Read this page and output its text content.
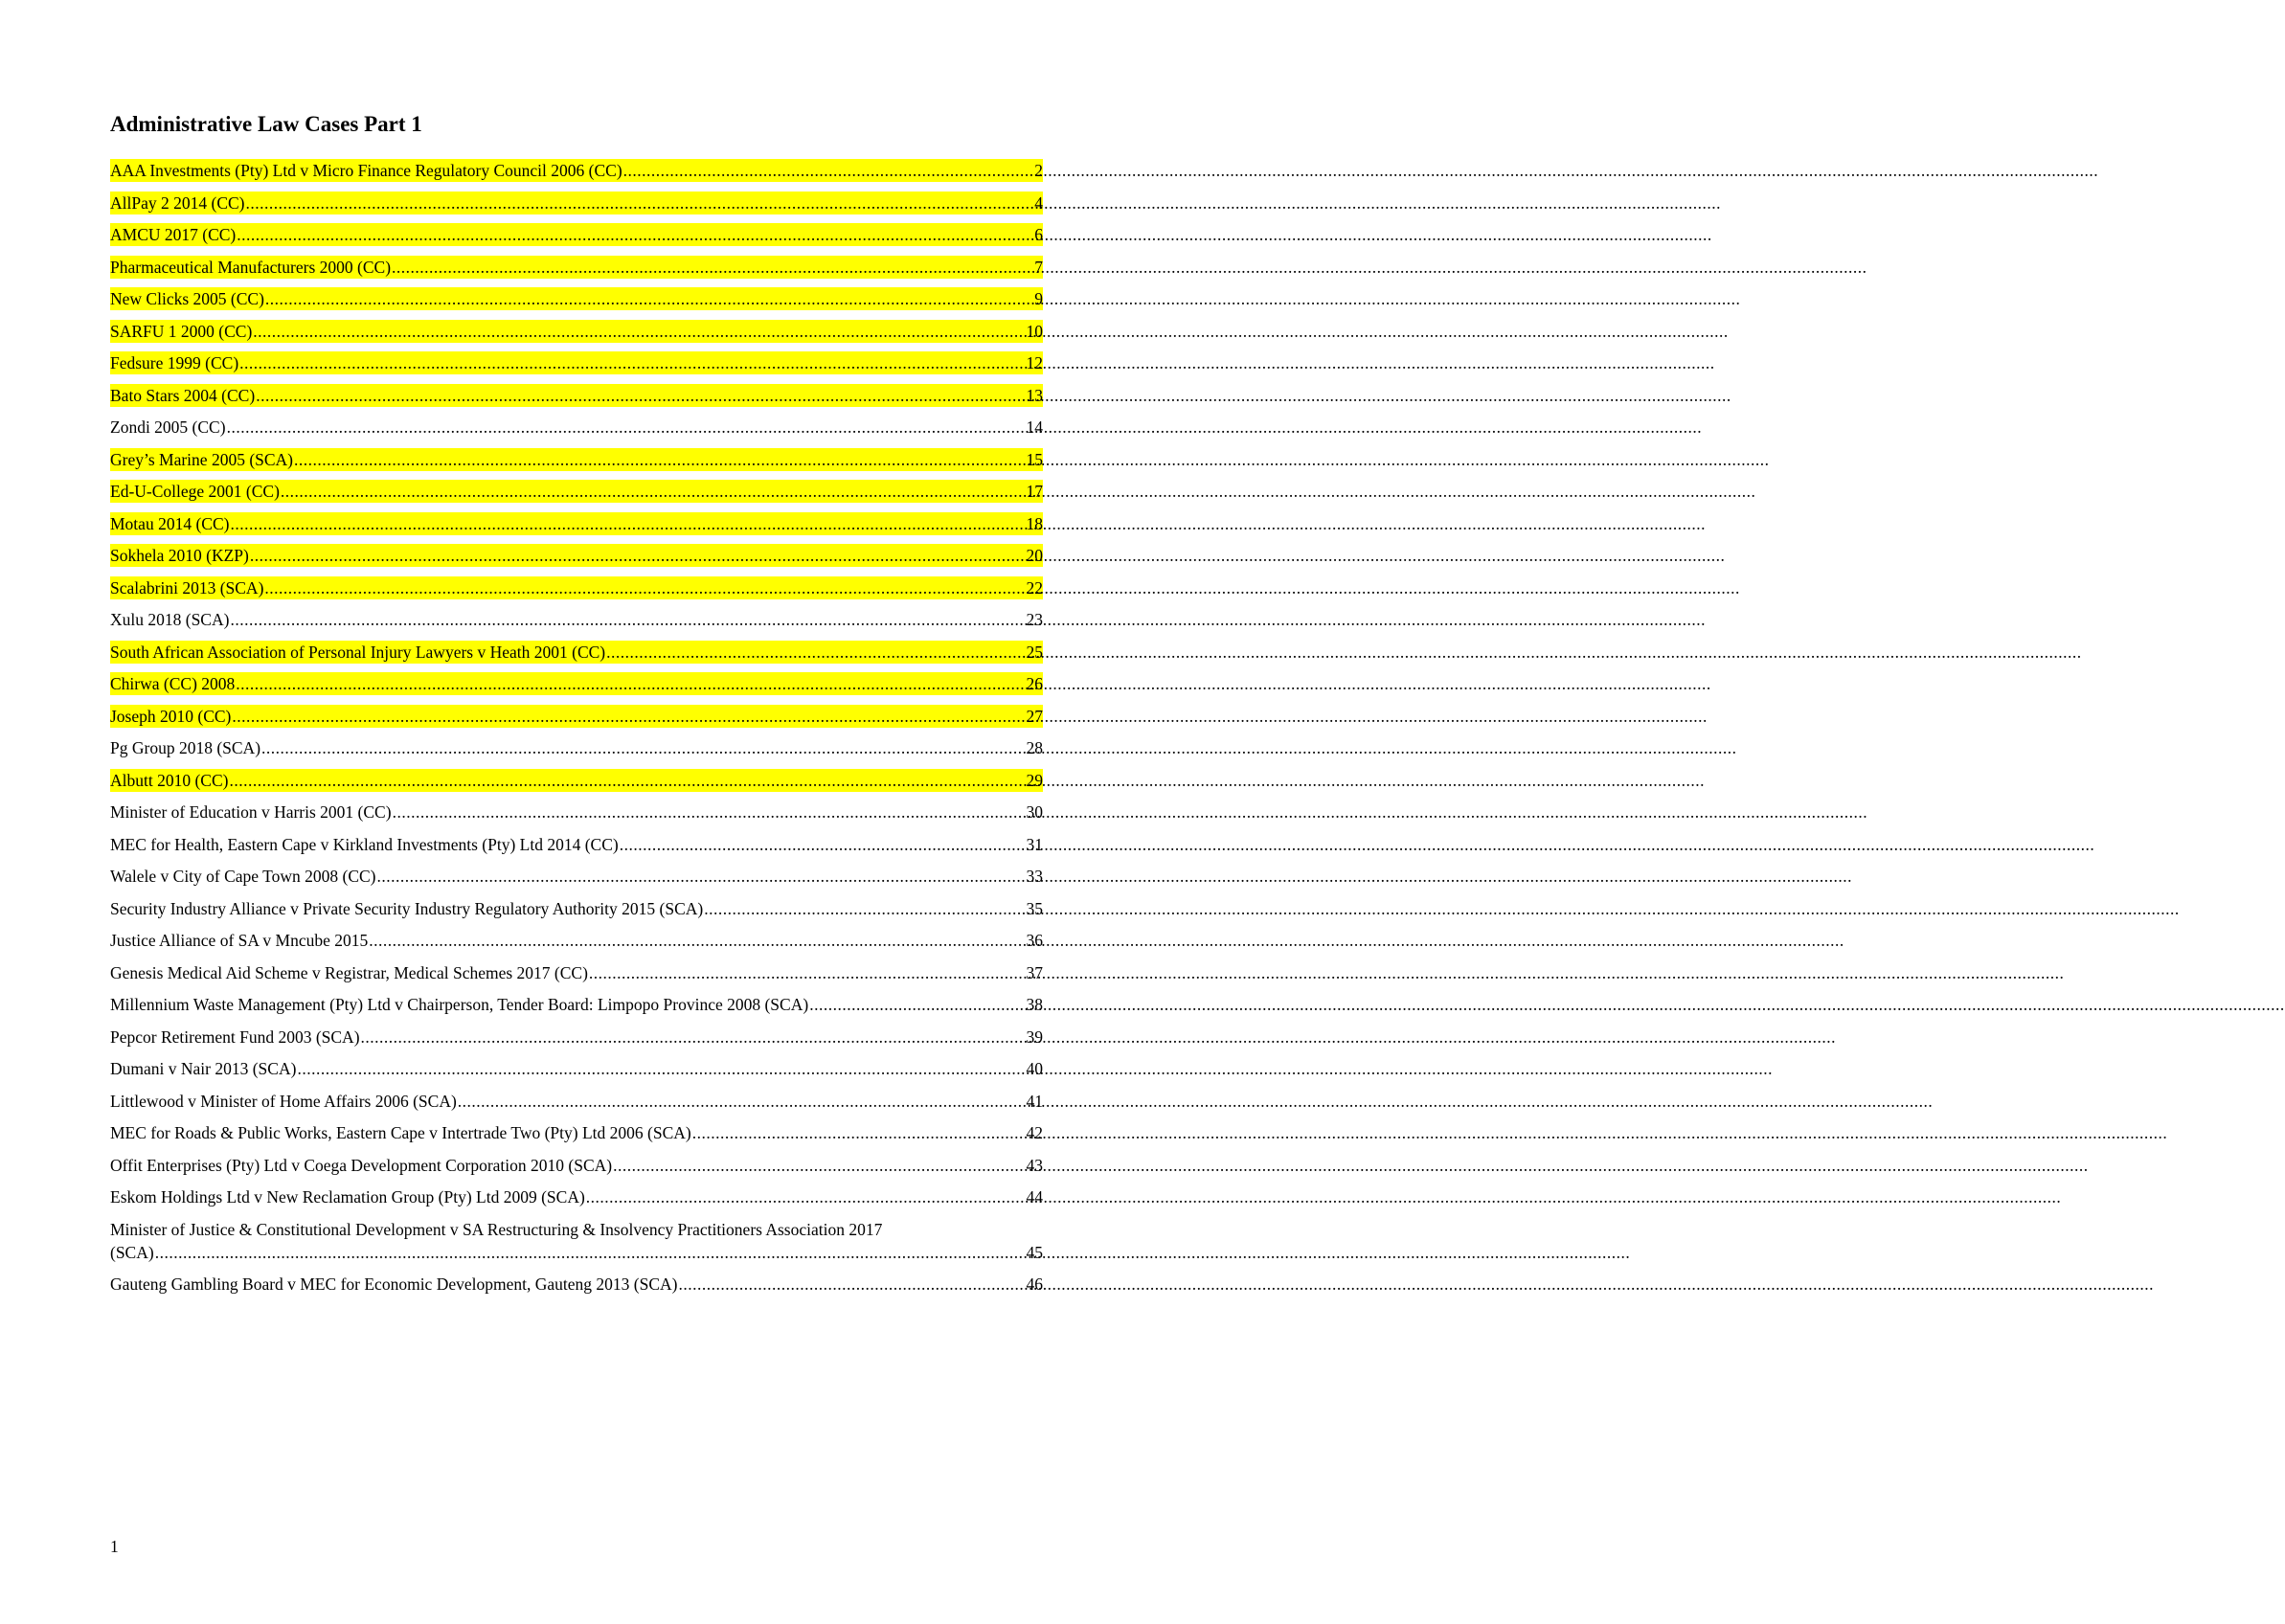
Administrative Law Cases Part 1
AAA Investments (Pty) Ltd v Micro Finance Regulatory Council 2006 (CC) .....	2
AllPay 2 2014 (CC) .....	4
AMCU 2017 (CC) .....	6
Pharmaceutical Manufacturers 2000 (CC) .....	7
New Clicks 2005 (CC) .....	9
SARFU 1 2000 (CC) .....	10
Fedsure 1999 (CC) .....	12
Bato Stars 2004 (CC) .....	13
Zondi 2005 (CC) .....	14
Grey’s Marine 2005 (SCA) .....	15
Ed-U-College 2001 (CC) .....	17
Motau 2014 (CC) .....	18
Sokhela 2010 (KZP) .....	20
Scalabrini 2013 (SCA) .....	22
Xulu 2018 (SCA) .....	23
South African Association of Personal Injury Lawyers v Heath 2001 (CC) .....	25
Chirwa (CC) 2008 .....	26
Joseph 2010 (CC) .....	27
Pg Group 2018 (SCA) .....	28
Albutt 2010 (CC) .....	29
Minister of Education v Harris 2001 (CC) .....	30
MEC for Health, Eastern Cape v Kirkland Investments (Pty) Ltd 2014 (CC) .....	31
Walele v City of Cape Town 2008 (CC) .....	33
Security Industry Alliance v Private Security Industry Regulatory Authority 2015 (SCA) .....	35
Justice Alliance of SA v Mncube 2015 .....	36
Genesis Medical Aid Scheme v Registrar, Medical Schemes 2017 (CC) .....	37
Millennium Waste Management (Pty) Ltd v Chairperson, Tender Board: Limpopo Province 2008 (SCA) .....	38
Pepcor Retirement Fund 2003 (SCA) .....	39
Dumani v Nair 2013 (SCA) .....	40
Littlewood v Minister of Home Affairs 2006 (SCA) .....	41
MEC for Roads & Public Works, Eastern Cape v Intertrade Two (Pty) Ltd 2006 (SCA) .....	42
Offit Enterprises (Pty) Ltd v Coega Development Corporation 2010 (SCA) .....	43
Eskom Holdings Ltd v New Reclamation Group (Pty) Ltd 2009 (SCA) .....	44
Minister of Justice & Constitutional Development v SA Restructuring & Insolvency Practitioners Association 2017
(SCA) .....	45
Gauteng Gambling Board v MEC for Economic Development, Gauteng 2013 (SCA) .....	46
1
